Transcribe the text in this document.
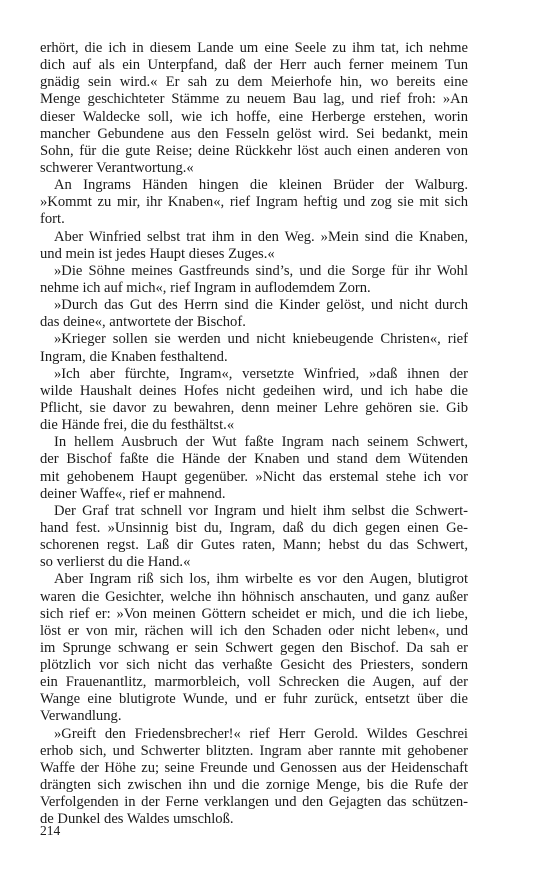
erhört, die ich in diesem Lande um eine Seele zu ihm tat, ich nehme
dich auf als ein Unterpfand, daß der Herr auch ferner meinem Tun
gnädig sein wird.« Er sah zu dem Meierhofe hin, wo bereits eine
Menge geschichteter Stämme zu neuem Bau lag, und rief froh: »An
dieser Waldecke soll, wie ich hoffe, eine Herberge erstehen, worin
mancher Gebundene aus den Fesseln gelöst wird. Sei bedankt, mein
Sohn, für die gute Reise; deine Rückkehr löst auch einen anderen von
schwerer Verantwortung.«
An Ingrams Händen hingen die kleinen Brüder der Walburg.
»Kommt zu mir, ihr Knaben«, rief Ingram heftig und zog sie mit sich
fort.
Aber Winfried selbst trat ihm in den Weg. »Mein sind die Knaben,
und mein ist jedes Haupt dieses Zuges.«
»Die Söhne meines Gastfreunds sind’s, und die Sorge für ihr Wohl
nehme ich auf mich«, rief Ingram in auflodemdem Zorn.
»Durch das Gut des Herrn sind die Kinder gelöst, und nicht durch
das deine«, antwortete der Bischof.
»Krieger sollen sie werden und nicht kniebeugende Christen«, rief
Ingram, die Knaben festhaltend.
»Ich aber fürchte, Ingram«, versetzte Winfried, »daß ihnen der
wilde Haushalt deines Hofes nicht gedeihen wird, und ich habe die
Pflicht, sie davor zu bewahren, denn meiner Lehre gehören sie. Gib
die Hände frei, die du festhältst.«
In hellem Ausbruch der Wut faßte Ingram nach seinem Schwert,
der Bischof faßte die Hände der Knaben und stand dem Wütenden
mit gehobenem Haupt gegenüber. »Nicht das erstemal stehe ich vor
deiner Waffe«, rief er mahnend.
Der Graf trat schnell vor Ingram und hielt ihm selbst die Schwert-
hand fest. »Unsinnig bist du, Ingram, daß du dich gegen einen Ge-
schorenen regst. Laß dir Gutes raten, Mann; hebst du das Schwert,
so verlierst du die Hand.«
Aber Ingram riß sich los, ihm wirbelte es vor den Augen, blutigrot
waren die Gesichter, welche ihn höhnisch anschauten, und ganz außer
sich rief er: »Von meinen Göttern scheidet er mich, und die ich liebe,
löst er von mir, rächen will ich den Schaden oder nicht leben«, und
im Sprunge schwang er sein Schwert gegen den Bischof. Da sah er
plötzlich vor sich nicht das verhaßte Gesicht des Priesters, sondern
ein Frauenantlitz, marmorbleich, voll Schrecken die Augen, auf der
Wange eine blutigrote Wunde, und er fuhr zurück, entsetzt über die
Verwandlung.
»Greift den Friedensbrecher!« rief Herr Gerold. Wildes Geschrei
erhob sich, und Schwerter blitzten. Ingram aber rannte mit gehobener
Waffe der Höhe zu; seine Freunde und Genossen aus der Heidenschaft
drängten sich zwischen ihn und die zornige Menge, bis die Rufe der
Verfolgenden in der Ferne verklangen und den Gejagten das schützen-
de Dunkel des Waldes umschloß.
214
